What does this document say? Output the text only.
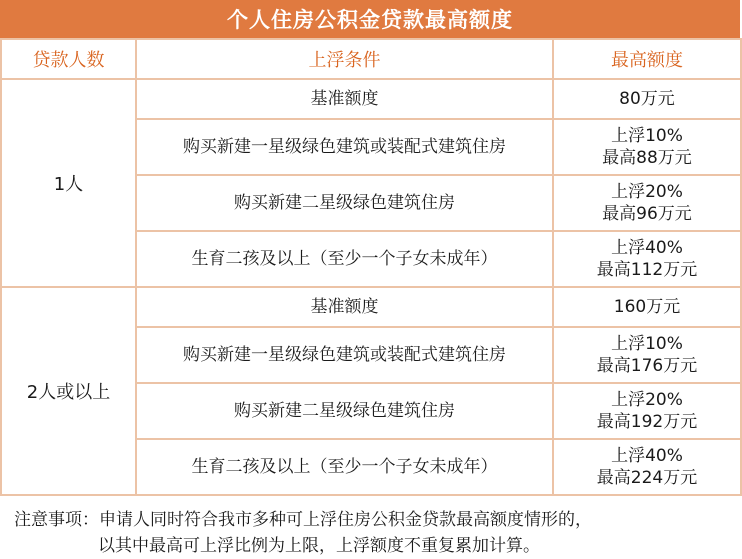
个人住房公积金贷款最高额度
贷款人数	上浮条件	最高额度
1人	基准额度	80万元

	购买新建一星级绿色建筑或装配式建筑住房	上浮10%
最高88万元

	购买新建二星级绿色建筑住房	上浮20%
最高96万元

	生育二孩及以上（至少一个子女未成年）	上浮40%
最高112万元

2人或以上	基准额度	160万元

	购买新建一星级绿色建筑或装配式建筑住房	上浮10%
最高176万元

	购买新建二星级绿色建筑住房	上浮20%
最高192万元

	生育二孩及以上（至少一个子女未成年）	上浮40%
最高224万元
注意事项：申请人同时符合我市多种可上浮住房公积金贷款最高额度情形的，
以其中最高可上浮比例为上限，上浮额度不重复累加计算。
